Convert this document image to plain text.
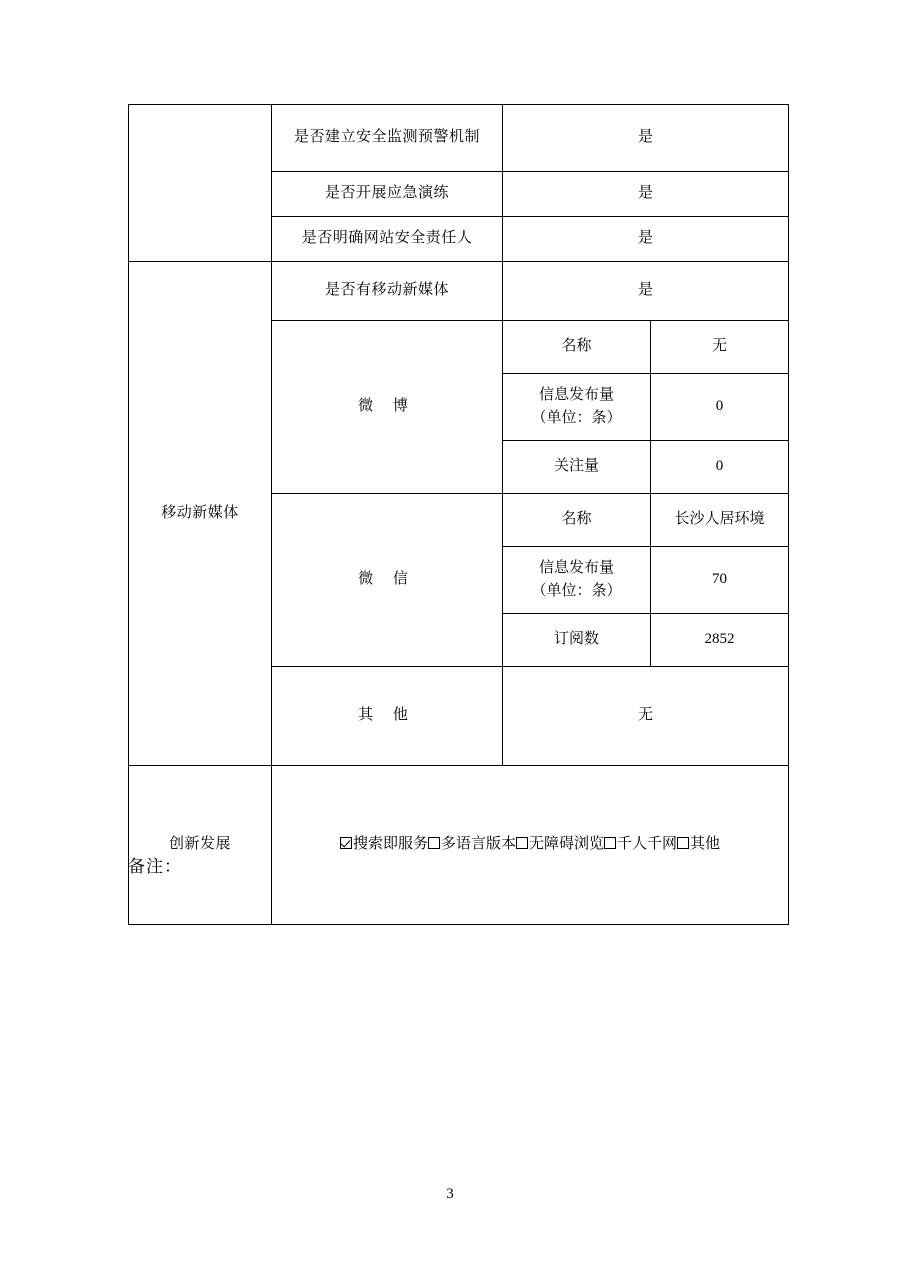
	是否建立安全监测预警机制	是	
	是否开展应急演练	是	
	是否明确网站安全责任人	是	
移动新媒体	是否有移动新媒体	是	
	微 博	名称	无

		信息发布量
（单位：条）	0
		关注量	0
	微 信	名称	长沙人居环境

		信息发布量
（单位：条）	70
		订阅数	2852
	其 他	无	
创新发展	搜索即服务 多语言版本 无障碍浏览 千人千网 其他		
备注：
3
